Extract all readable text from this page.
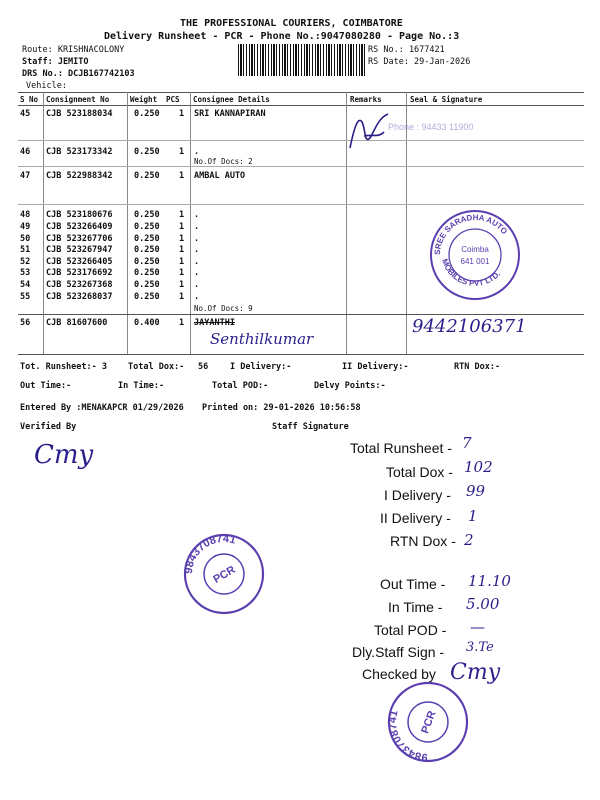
THE PROFESSIONAL COURIERS, COIMBATORE
Delivery Runsheet - PCR - Phone No.:9047080280 - Page No.:3
Route: KRISHNACOLONY
Staff: JEMITO
DRS No.: DCJB167742103
Vehicle:
RS No.: 1677421
RS Date: 29-Jan-2026
S No Consignment No	Weight PCS Consignee Details	Remarks	Seal & Signature
45 CJB 523188034	0.250 1 SRI KANNAPIRAN
46 CJB 523173342	0.250 1 .
No.Of Docs: 2
47 CJB 522988342	0.250 1 AMBAL AUTO
48 CJB 523180676	0.250 1 .
49 CJB 523266409	0.250 1 .
50 CJB 523267706	0.250 1 .
51 CJB 523267947	0.250 1 .
52 CJB 523266405	0.250 1 .
53 CJB 523176692	0.250 1 .
54 CJB 523267368	0.250 1 .
55 CJB 523268037	0.250 1 .
No.Of Docs: 9
56 CJB 81607600	0.400 1 JAYANTHI
Senthilkumar
9442106371
Phone : 94433 11900
SREE SARADHA AUTO
MOBILES PVT LTD.
Coimba
641 001
Tot. Runsheet:- 3 Total Dox:- 56	I Delivery:-	II Delivery:-	RTN Dox:-
Out Time:-	In Time:-	Total POD:-	Delvy Points:-
Entered By :MENAKAPCR 01/29/2026 Printed on: 29-01-2026 10:56:58
Verified By	Staff Signature
Cmy
9843708741
PCR
9843708741	PCR
Total Runsheet - 7
Total Dox - 102
I Delivery - 99
II Delivery - 1
RTN Dox - 2
Out Time - 11.10
In Time - 5.00
Total POD - —
Dly.Staff Sign - 3.Te
Checked by Cmy
